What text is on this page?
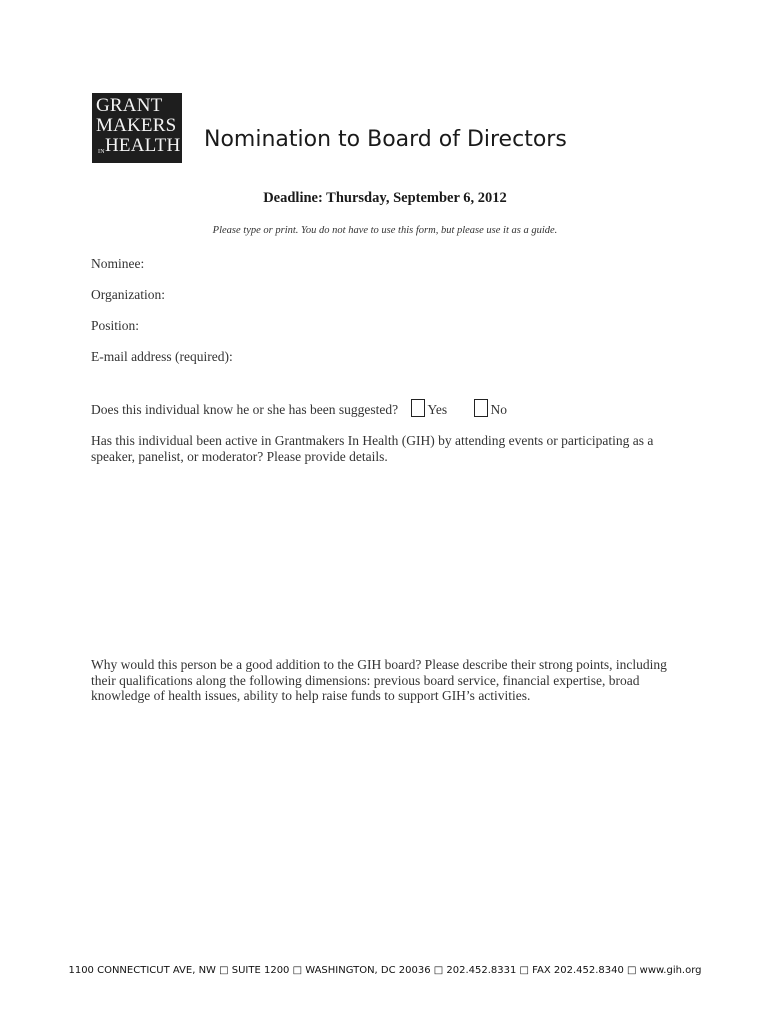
GRANT
MAKERS
IN HEALTH Nomination to Board of Directors
Deadline: Thursday, September 6, 2012
Please type or print. You do not have to use this form, but please use it as a guide.
Nominee:
Organization:
Position:
E-mail address (required):
Does this individual know he or she has been suggested? Yes	No
Has this individual been active in Grantmakers In Health (GIH) by attending events or participating as a
speaker, panelist, or moderator? Please provide details.
Why would this person be a good addition to the GIH board? Please describe their strong points, including
their qualifications along the following dimensions: previous board service, financial expertise, broad
knowledge of health issues, ability to help raise funds to support GIH’s activities.
1100 CONNECTICUT AVE, NW □ SUITE 1200 □ WASHINGTON, DC 20036 □ 202.452.8331 □ FAX 202.452.8340 □ www.gih.org
